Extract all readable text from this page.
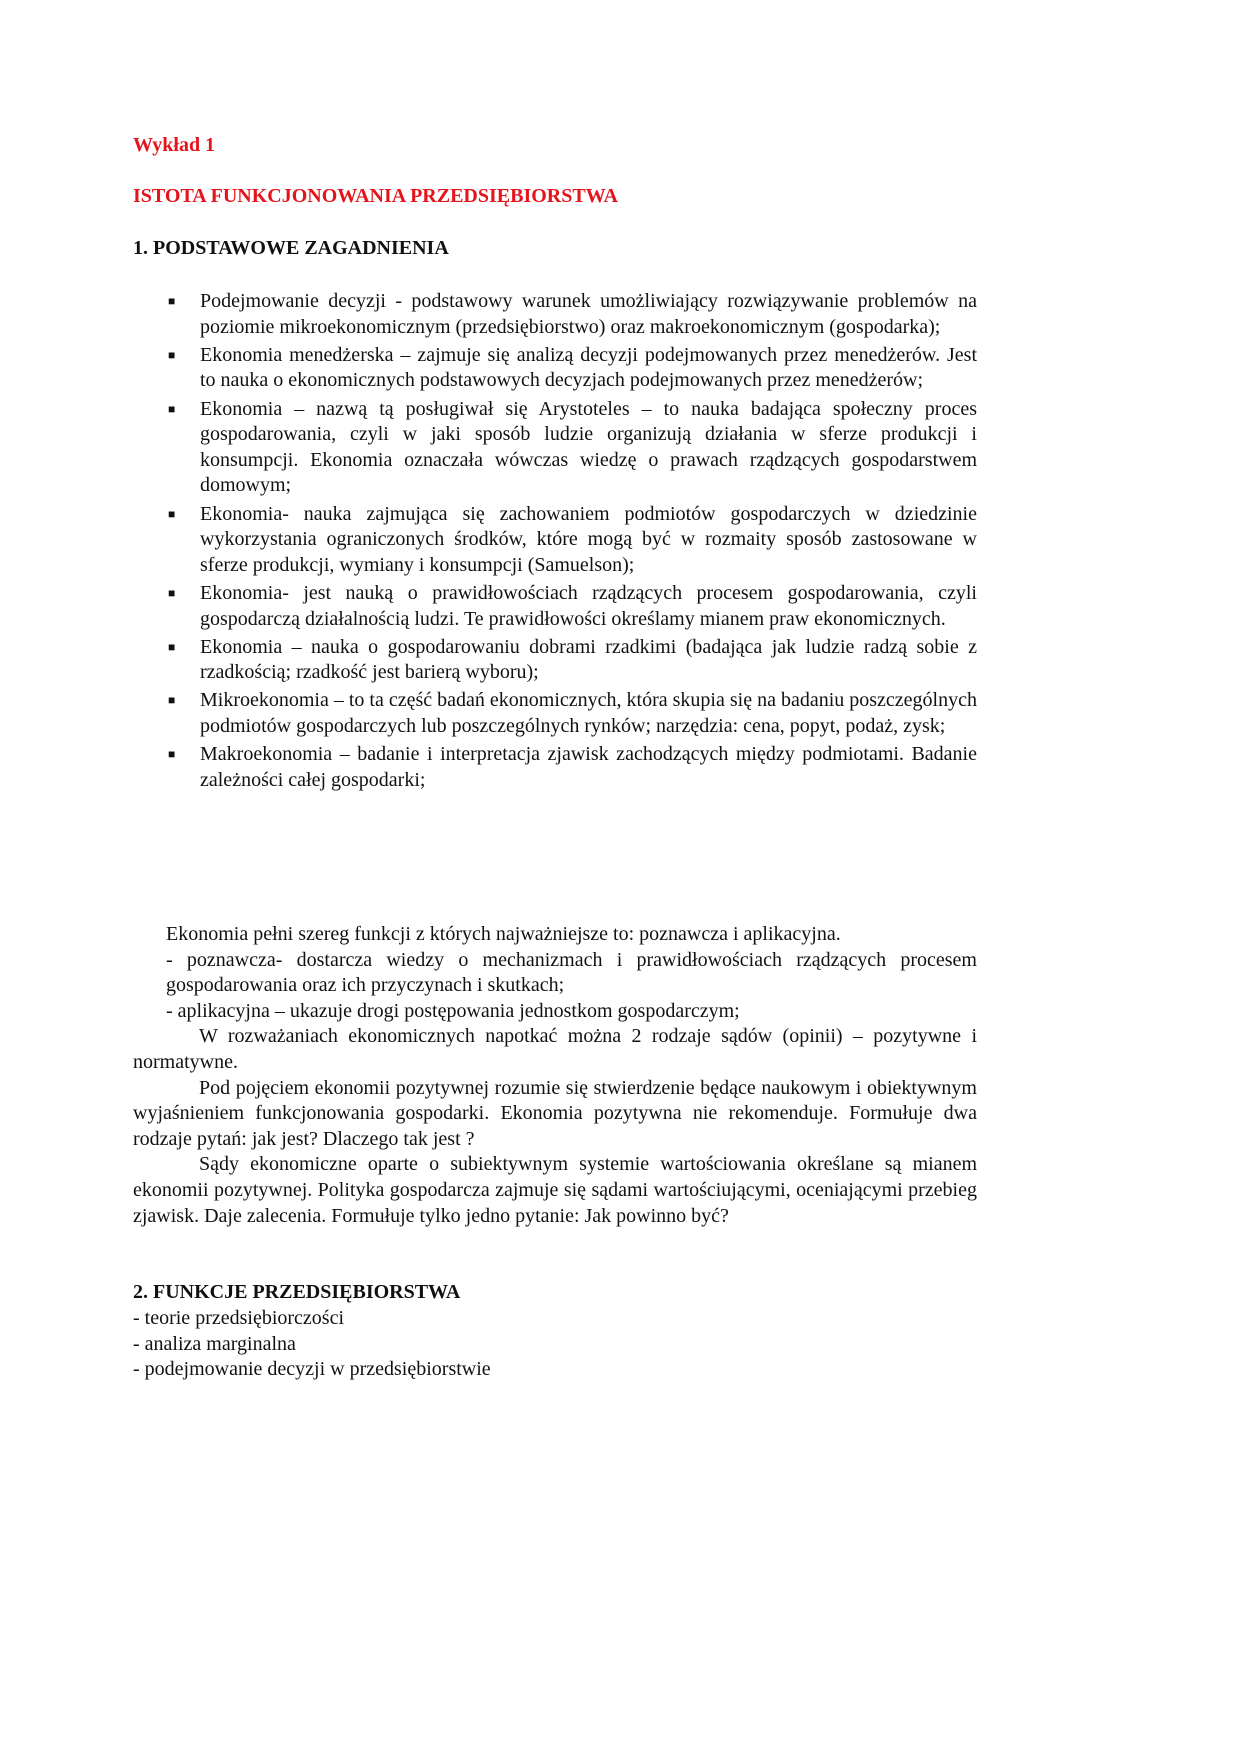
Wykład 1
ISTOTA FUNKCJONOWANIA PRZEDSIĘBIORSTWA
1. PODSTAWOWE ZAGADNIENIA
■ Podejmowanie decyzji - podstawowy warunek umożliwiający rozwiązywanie problemów na poziomie mikroekonomicznym (przedsiębiorstwo) oraz makroekonomicznym (gospodarka);
■ Ekonomia menedżerska – zajmuje się analizą decyzji podejmowanych przez menedżerów. Jest to nauka o ekonomicznych podstawowych decyzjach podejmowanych przez menedżerów;
■ Ekonomia – nazwą tą posługiwał się Arystoteles – to nauka badająca społeczny proces gospodarowania, czyli w jaki sposób ludzie organizują działania w sferze produkcji i konsumpcji. Ekonomia oznaczała wówczas wiedzę o prawach rządzących gospodarstwem domowym;
■ Ekonomia- nauka zajmująca się zachowaniem podmiotów gospodarczych w dziedzinie wykorzystania ograniczonych środków, które mogą być w rozmaity sposób zastosowane w sferze produkcji, wymiany i konsumpcji (Samuelson);
■ Ekonomia- jest nauką o prawidłowościach rządzących procesem gospodarowania, czyli gospodarczą działalnością ludzi. Te prawidłowości określamy mianem praw ekonomicznych.
■ Ekonomia – nauka o gospodarowaniu dobrami rzadkimi (badająca jak ludzie radzą sobie z rzadkością; rzadkość jest barierą wyboru);
■ Mikroekonomia – to ta część badań ekonomicznych, która skupia się na badaniu poszczególnych podmiotów gospodarczych lub poszczególnych rynków; narzędzia: cena, popyt, podaż, zysk;
■ Makroekonomia – badanie i interpretacja zjawisk zachodzących między podmiotami. Badanie zależności całej gospodarki;

Ekonomia pełni szereg funkcji z których najważniejsze to: poznawcza i aplikacyjna.

- poznawcza- dostarcza wiedzy o mechanizmach i prawidłowościach rządzących procesem gospodarowania oraz ich przyczynach i skutkach;

- aplikacyjna – ukazuje drogi postępowania jednostkom gospodarczym;

W rozważaniach ekonomicznych napotkać można 2 rodzaje sądów (opinii) – pozytywne i normatywne.

Pod pojęciem ekonomii pozytywnej rozumie się stwierdzenie będące naukowym i obiektywnym wyjaśnieniem funkcjonowania gospodarki. Ekonomia pozytywna nie rekomenduje. Formułuje dwa rodzaje pytań: jak jest? Dlaczego tak jest ?

Sądy ekonomiczne oparte o subiektywnym systemie wartościowania określane są mianem ekonomii pozytywnej. Polityka gospodarcza zajmuje się sądami wartościującymi, oceniającymi przebieg zjawisk. Daje zalecenia. Formułuje tylko jedno pytanie: Jak powinno być?

2. FUNKCJE PRZEDSIĘBIORSTWA
- teorie przedsiębiorczości
- analiza marginalna
- podejmowanie decyzji w przedsiębiorstwie
